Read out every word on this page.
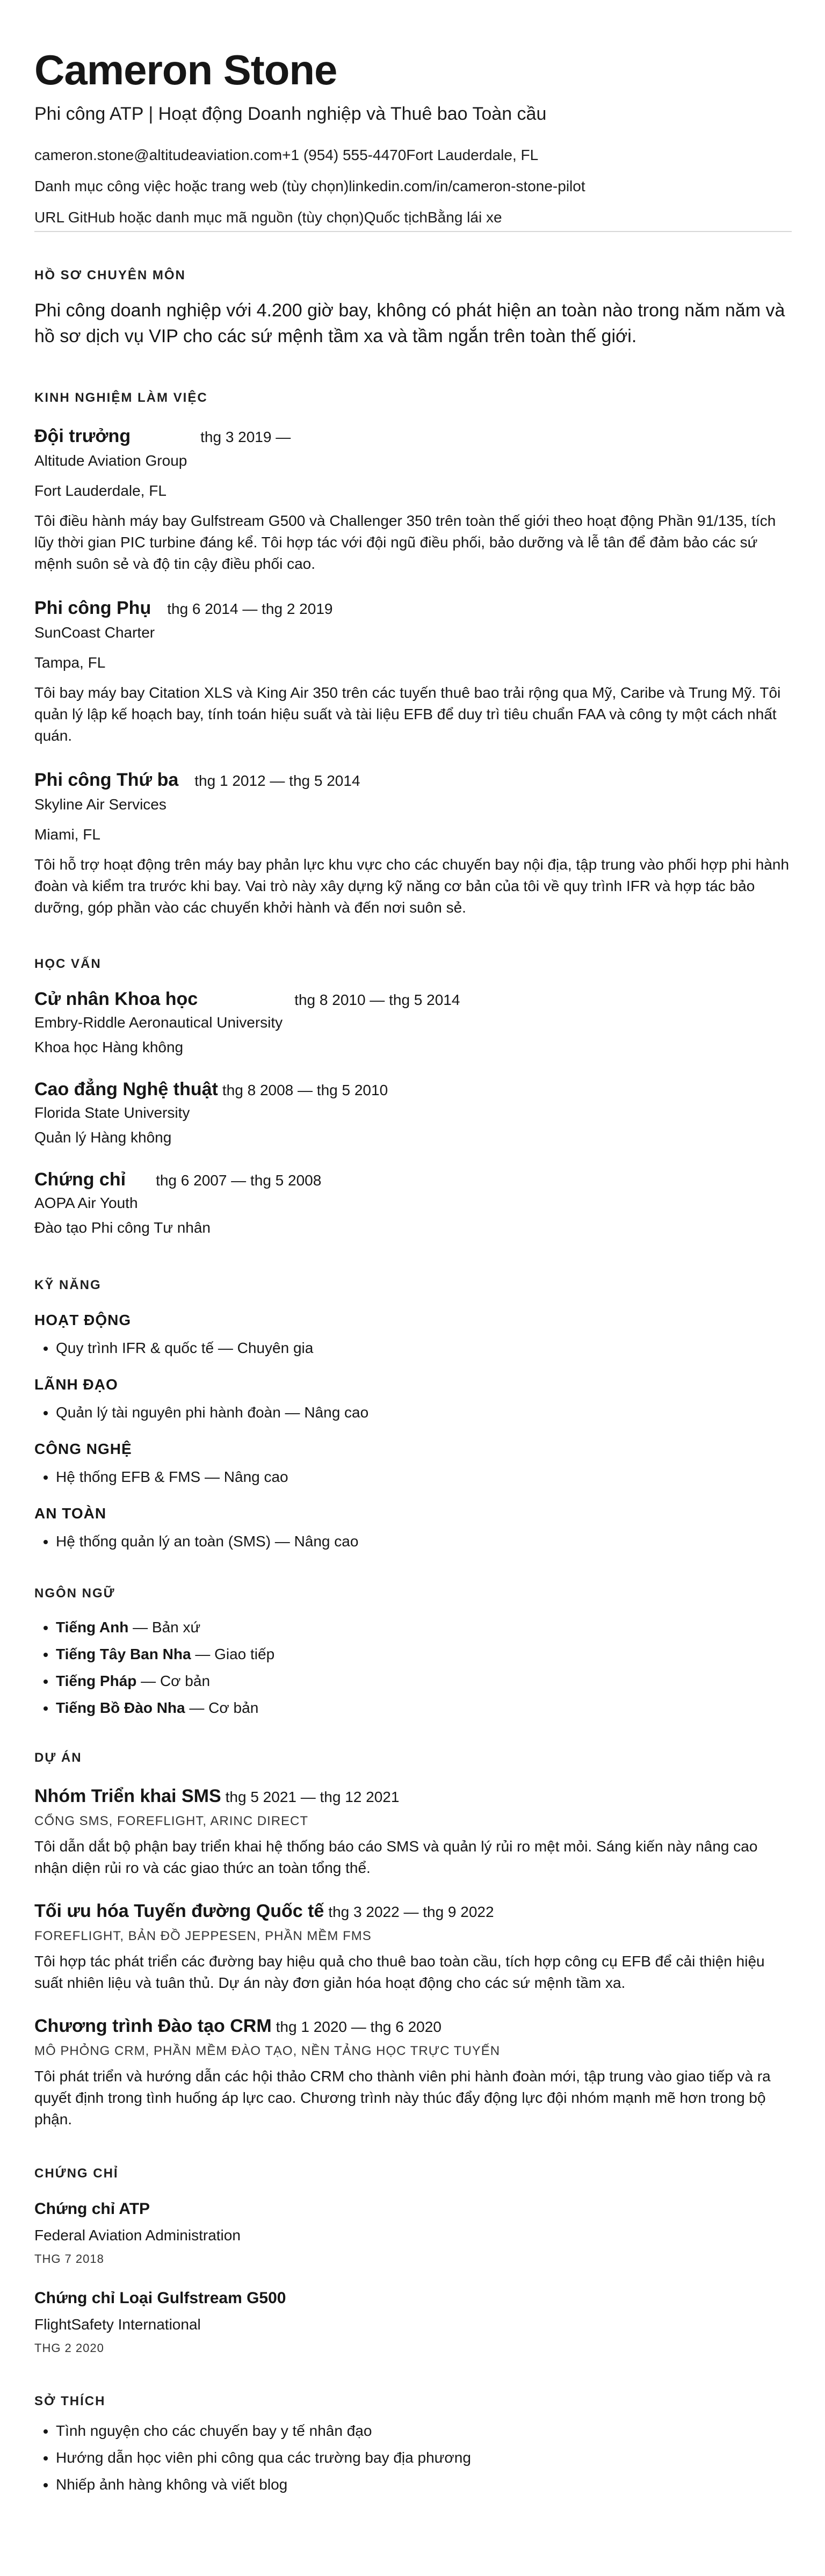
Cameron Stone
Phi công ATP | Hoạt động Doanh nghiệp và Thuê bao Toàn cầu
cameron.stone@altitudeaviation.com+1 (954) 555-4470Fort Lauderdale, FL
Danh mục công việc hoặc trang web (tùy chọn)linkedin.com/in/cameron-stone-pilot
URL GitHub hoặc danh mục mã nguồn (tùy chọn)Quốc tịchBằng lái xe
HỒ SƠ CHUYÊN MÔN

Phi công doanh nghiệp với 4.200 giờ bay, không có phát hiện an toàn nào trong năm năm và hồ sơ dịch vụ VIP cho các sứ mệnh tầm xa và tầm ngắn trên toàn thế giới.

KINH NGHIỆM LÀM VIỆC
Đội trưởng	thg 3 2019 —
Altitude Aviation Group
Fort Lauderdale, FL
Tôi điều hành máy bay Gulfstream G500 và Challenger 350 trên toàn thế giới theo hoạt động Phần 91/135, tích lũy thời gian PIC turbine đáng kể. Tôi hợp tác với đội ngũ điều phối, bảo dưỡng và lễ tân để đảm bảo các sứ mệnh suôn sẻ và độ tin cậy điều phối cao.
Phi công Phụ thg 6 2014 — thg 2 2019
SunCoast Charter
Tampa, FL
Tôi bay máy bay Citation XLS và King Air 350 trên các tuyến thuê bao trải rộng qua Mỹ, Caribe và Trung Mỹ. Tôi quản lý lập kế hoạch bay, tính toán hiệu suất và tài liệu EFB để duy trì tiêu chuẩn FAA và công ty một cách nhất quán.
Phi công Thứ ba thg 1 2012 — thg 5 2014
Skyline Air Services
Miami, FL
Tôi hỗ trợ hoạt động trên máy bay phản lực khu vực cho các chuyến bay nội địa, tập trung vào phối hợp phi hành đoàn và kiểm tra trước khi bay. Vai trò này xây dựng kỹ năng cơ bản của tôi về quy trình IFR và hợp tác bảo dưỡng, góp phần vào các chuyến khởi hành và đến nơi suôn sẻ.
HỌC VẤN
Cử nhân Khoa học	thg 8 2010 — thg 5 2014
Embry-Riddle Aeronautical University
Khoa học Hàng không
Cao đẳng Nghệ thuật thg 8 2008 — thg 5 2010
Florida State University
Quản lý Hàng không
Chứng chỉ thg 6 2007 — thg 5 2008
AOPA Air Youth
Đào tạo Phi công Tư nhân
KỸ NĂNG
HOẠT ĐỘNG
• Quy trình IFR & quốc tế — Chuyên gia
LÃNH ĐẠO
• Quản lý tài nguyên phi hành đoàn — Nâng cao
CÔNG NGHỆ
• Hệ thống EFB & FMS — Nâng cao
AN TOÀN
• Hệ thống quản lý an toàn (SMS) — Nâng cao
NGÔN NGỮ
• Tiếng Anh — Bản xứ
• Tiếng Tây Ban Nha — Giao tiếp
• Tiếng Pháp — Cơ bản
• Tiếng Bồ Đào Nha — Cơ bản
DỰ ÁN
Nhóm Triển khai SMS thg 5 2021 — thg 12 2021
CỔNG SMS, FOREFLIGHT, ARINC DIRECT
Tôi dẫn dắt bộ phận bay triển khai hệ thống báo cáo SMS và quản lý rủi ro mệt mỏi. Sáng kiến này nâng cao nhận diện rủi ro và các giao thức an toàn tổng thể.
Tối ưu hóa Tuyến đường Quốc tế thg 3 2022 — thg 9 2022
FOREFLIGHT, BẢN ĐỒ JEPPESEN, PHẦN MỀM FMS
Tôi hợp tác phát triển các đường bay hiệu quả cho thuê bao toàn cầu, tích hợp công cụ EFB để cải thiện hiệu suất nhiên liệu và tuân thủ. Dự án này đơn giản hóa hoạt động cho các sứ mệnh tầm xa.
Chương trình Đào tạo CRM thg 1 2020 — thg 6 2020
MÔ PHỎNG CRM, PHẦN MỀM ĐÀO TẠO, NỀN TẢNG HỌC TRỰC TUYẾN
Tôi phát triển và hướng dẫn các hội thảo CRM cho thành viên phi hành đoàn mới, tập trung vào giao tiếp và ra quyết định trong tình huống áp lực cao. Chương trình này thúc đẩy động lực đội nhóm mạnh mẽ hơn trong bộ phận.
CHỨNG CHỈ
Chứng chỉ ATP
Federal Aviation Administration
THG 7 2018
Chứng chỉ Loại Gulfstream G500
FlightSafety International
THG 2 2020
SỞ THÍCH
• Tình nguyện cho các chuyến bay y tế nhân đạo
• Hướng dẫn học viên phi công qua các trường bay địa phương
• Nhiếp ảnh hàng không và viết blog
